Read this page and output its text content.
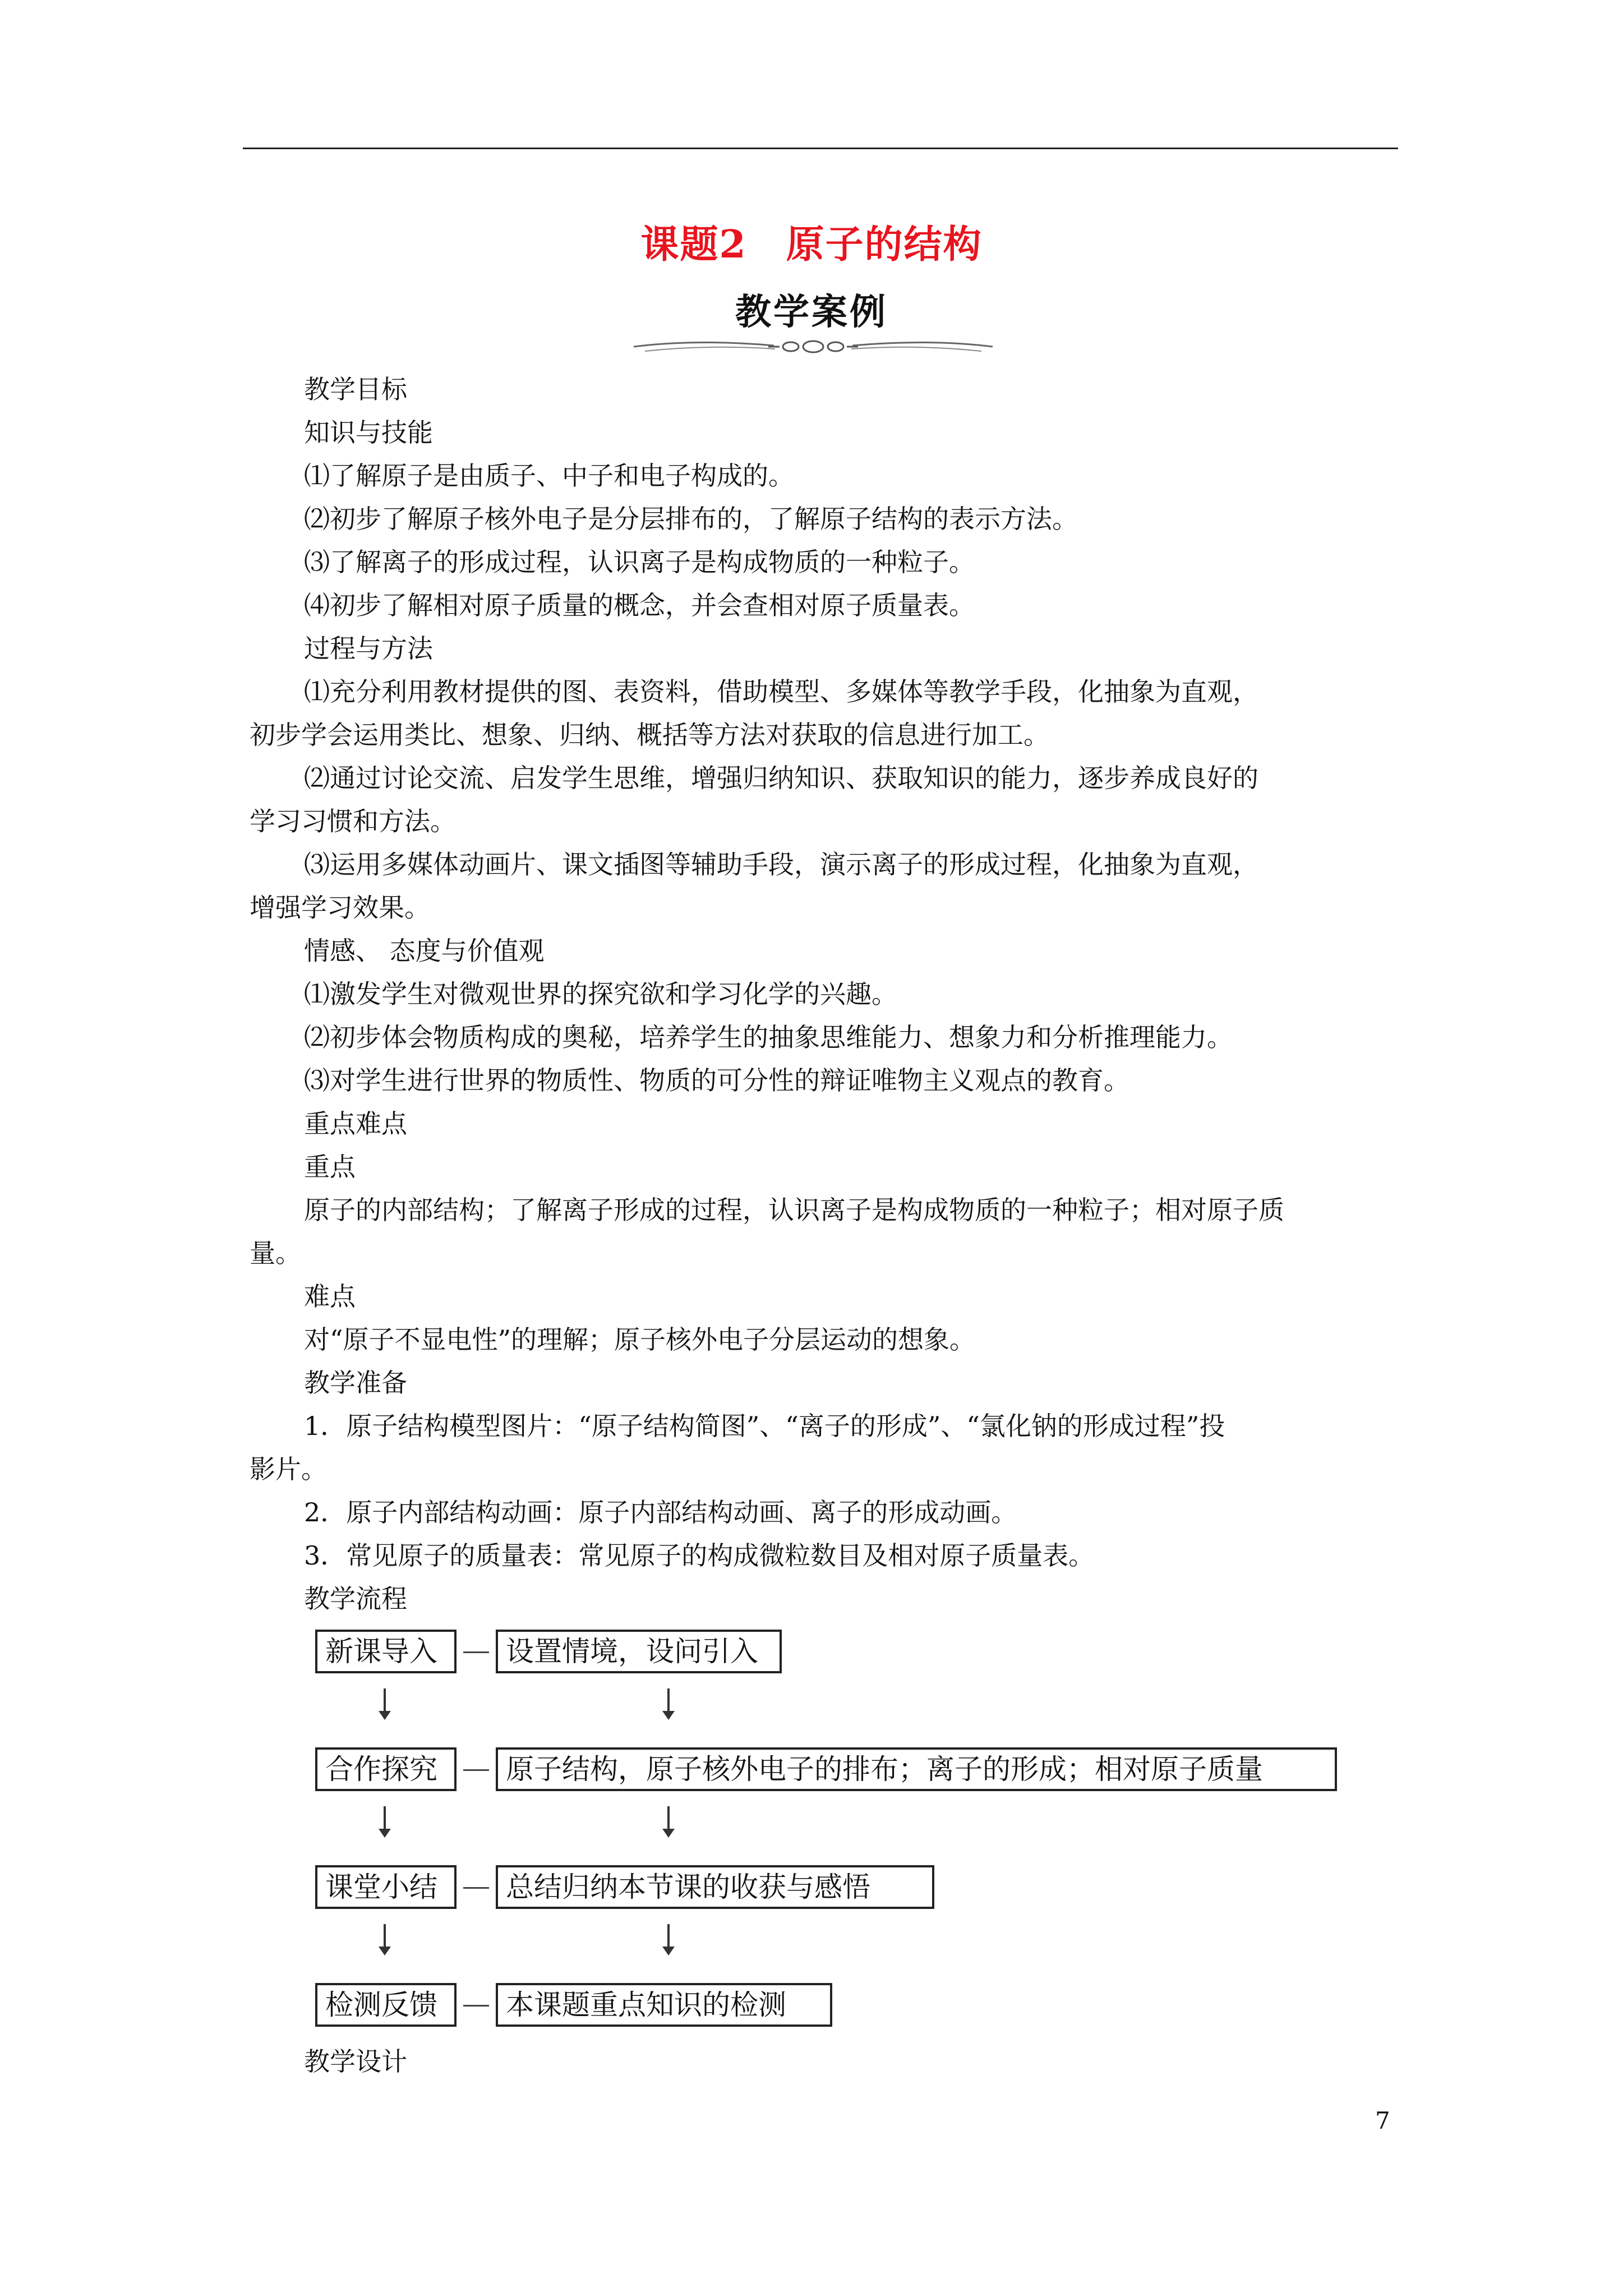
课题2　原子的结构
教学案例
教学目标
知识与技能
⑴了解原子是由质子、中子和电子构成的。
⑵初步了解原子核外电子是分层排布的，了解原子结构的表示方法。
⑶了解离子的形成过程，认识离子是构成物质的一种粒子。
⑷初步了解相对原子质量的概念，并会查相对原子质量表。
过程与方法
⑴充分利用教材提供的图、表资料，借助模型、多媒体等教学手段，化抽象为直观，
初步学会运用类比、想象、归纳、概括等方法对获取的信息进行加工。
⑵通过讨论交流、启发学生思维，增强归纳知识、获取知识的能力，逐步养成良好的
学习习惯和方法。
⑶运用多媒体动画片、课文插图等辅助手段，演示离子的形成过程，化抽象为直观，
增强学习效果。
情感、 态度与价值观
⑴激发学生对微观世界的探究欲和学习化学的兴趣。
⑵初步体会物质构成的奥秘，培养学生的抽象思维能力、想象力和分析推理能力。
⑶对学生进行世界的物质性、物质的可分性的辩证唯物主义观点的教育。
重点难点
重点
原子的内部结构；了解离子形成的过程，认识离子是构成物质的一种粒子；相对原子质
量。
难点
对“原子不显电性”的理解；原子核外电子分层运动的想象。
教学准备
1．原子结构模型图片：“原子结构简图”、“离子的形成”、“氯化钠的形成过程”投
影片。
2．原子内部结构动画：原子内部结构动画、离子的形成动画。
3．常见原子的质量表：常见原子的构成微粒数目及相对原子质量表。
教学流程
新课导入	设置情境，设问引入
合作探究	原子结构，原子核外电子的排布；离子的形成；相对原子质量
课堂小结	总结归纳本节课的收获与感悟
检测反馈	本课题重点知识的检测
教学设计
7
